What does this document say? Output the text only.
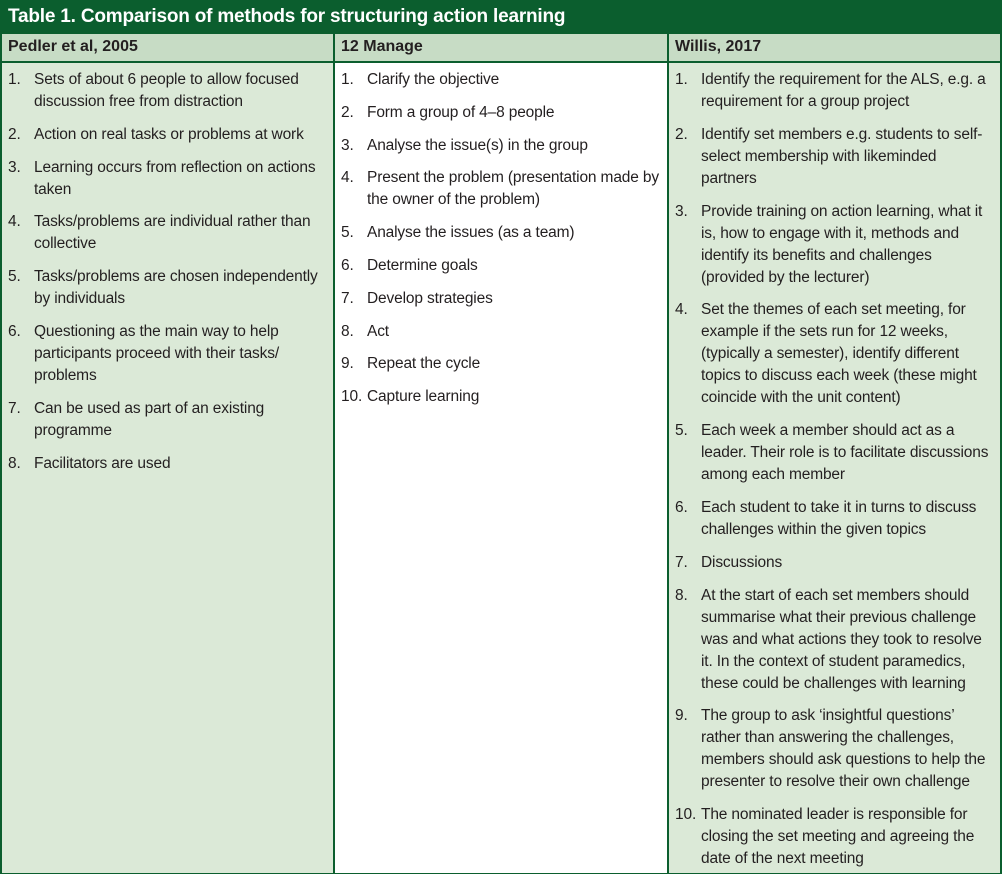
Table 1. Comparison of methods for structuring action learning
Pedler et al, 2005	12 Manage	Willis, 2017
1. Sets of about 6 people to allow focused discussion free from distraction
2. Action on real tasks or problems at work
3. Learning occurs from reflection on actions taken
4. Tasks/problems are individual rather than collective
5. Tasks/problems are chosen independently by individuals
6. Questioning as the main way to help participants proceed with their tasks/ problems
7. Can be used as part of an existing programme
8. Facilitators are used
1. Clarify the objective
2. Form a group of 4–8 people
3. Analyse the issue(s) in the group
4. Present the problem (presentation made by the owner of the problem)
5. Analyse the issues (as a team)
6. Determine goals
7. Develop strategies
8. Act
9. Repeat the cycle
10. Capture learning
1. Identify the requirement for the ALS, e.g. a requirement for a group project
2. Identify set members e.g. students to self-select membership with likeminded partners
3. Provide training on action learning, what it is, how to engage with it, methods and identify its benefits and challenges (provided by the lecturer)
4. Set the themes of each set meeting, for example if the sets run for 12 weeks, (typically a semester), identify different topics to discuss each week (these might coincide with the unit content)
5. Each week a member should act as a leader. Their role is to facilitate discussions among each member
6. Each student to take it in turns to discuss challenges within the given topics
7. Discussions
8. At the start of each set members should summarise what their previous challenge was and what actions they took to resolve it. In the context of student paramedics, these could be challenges with learning
9. The group to ask ‘insightful questions’ rather than answering the challenges, members should ask questions to help the presenter to resolve their own challenge
10. The nominated leader is responsible for closing the set meeting and agreeing the date of the next meeting
